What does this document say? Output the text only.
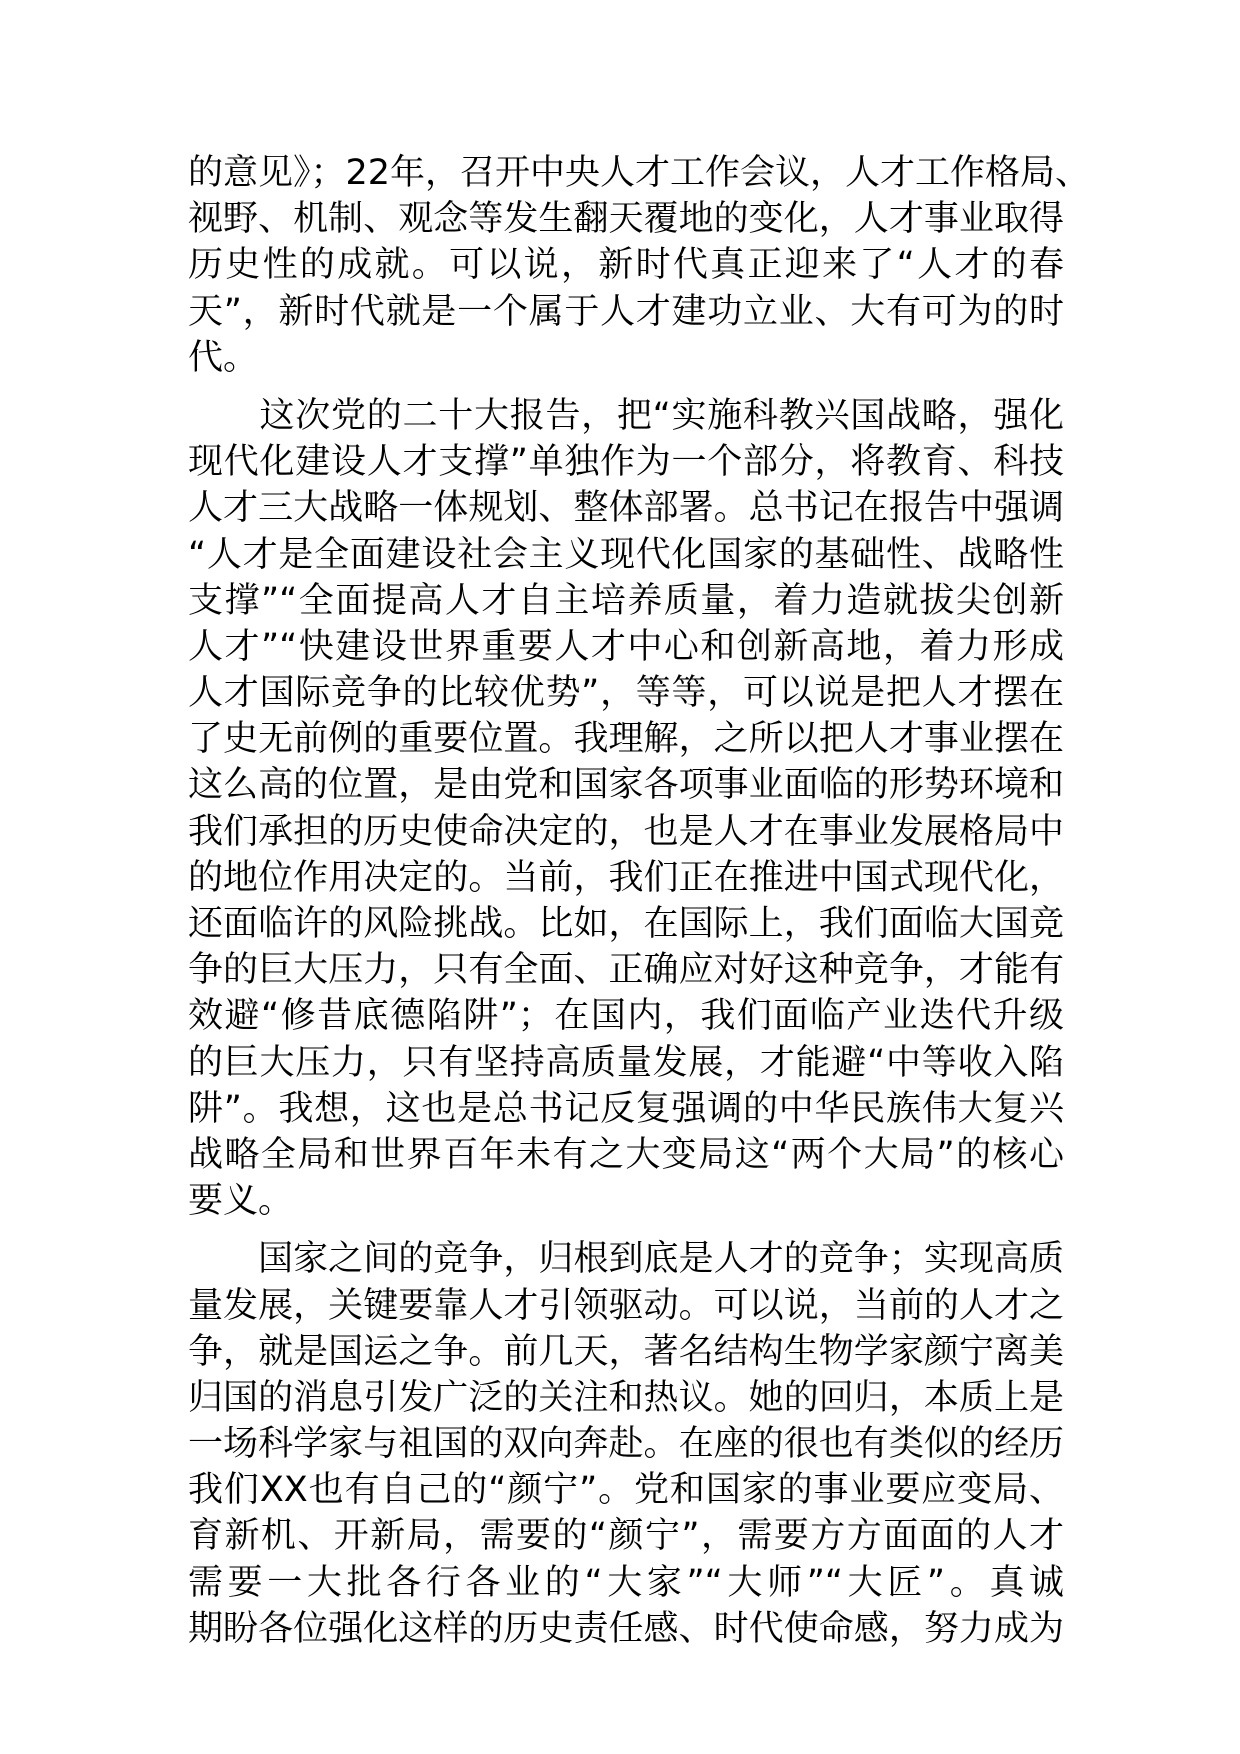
的意见》；22年，召开中央人才工作会议，人才工作格局、
视野、机制、观念等发生翻天覆地的变化，人才事业取得
历史性的成就。可以说，新时代真正迎来了“人才的春
天”，新时代就是一个属于人才建功立业、大有可为的时
代。
　　这次党的二十大报告，把“实施科教兴国战略，强化
现代化建设人才支撑”单独作为一个部分，将教育、科技
人才三大战略一体规划、整体部署。总书记在报告中强调
“人才是全面建设社会主义现代化国家的基础性、战略性
支撑”“全面提高人才自主培养质量，着力造就拔尖创新
人才”“快建设世界重要人才中心和创新高地，着力形成
人才国际竞争的比较优势”，等等，可以说是把人才摆在
了史无前例的重要位置。我理解，之所以把人才事业摆在
这么高的位置，是由党和国家各项事业面临的形势环境和
我们承担的历史使命决定的，也是人才在事业发展格局中
的地位作用决定的。当前，我们正在推进中国式现代化，
还面临许的风险挑战。比如，在国际上，我们面临大国竞
争的巨大压力，只有全面、正确应对好这种竞争，才能有
效避“修昔底德陷阱”；在国内，我们面临产业迭代升级
的巨大压力，只有坚持高质量发展，才能避“中等收入陷
阱”。我想，这也是总书记反复强调的中华民族伟大复兴
战略全局和世界百年未有之大变局这“两个大局”的核心
要义。
　　国家之间的竞争，归根到底是人才的竞争；实现高质
量发展，关键要靠人才引领驱动。可以说，当前的人才之
争，就是国运之争。前几天，著名结构生物学家颜宁离美
归国的消息引发广泛的关注和热议。她的回归，本质上是
一场科学家与祖国的双向奔赴。在座的很也有类似的经历
我们XX也有自己的“颜宁”。党和国家的事业要应变局、
育新机、开新局，需要的“颜宁”，需要方方面面的人才
需要一大批各行各业的“大家”“大师”“大匠”。真诚
期盼各位强化这样的历史责任感、时代使命感，努力成为
